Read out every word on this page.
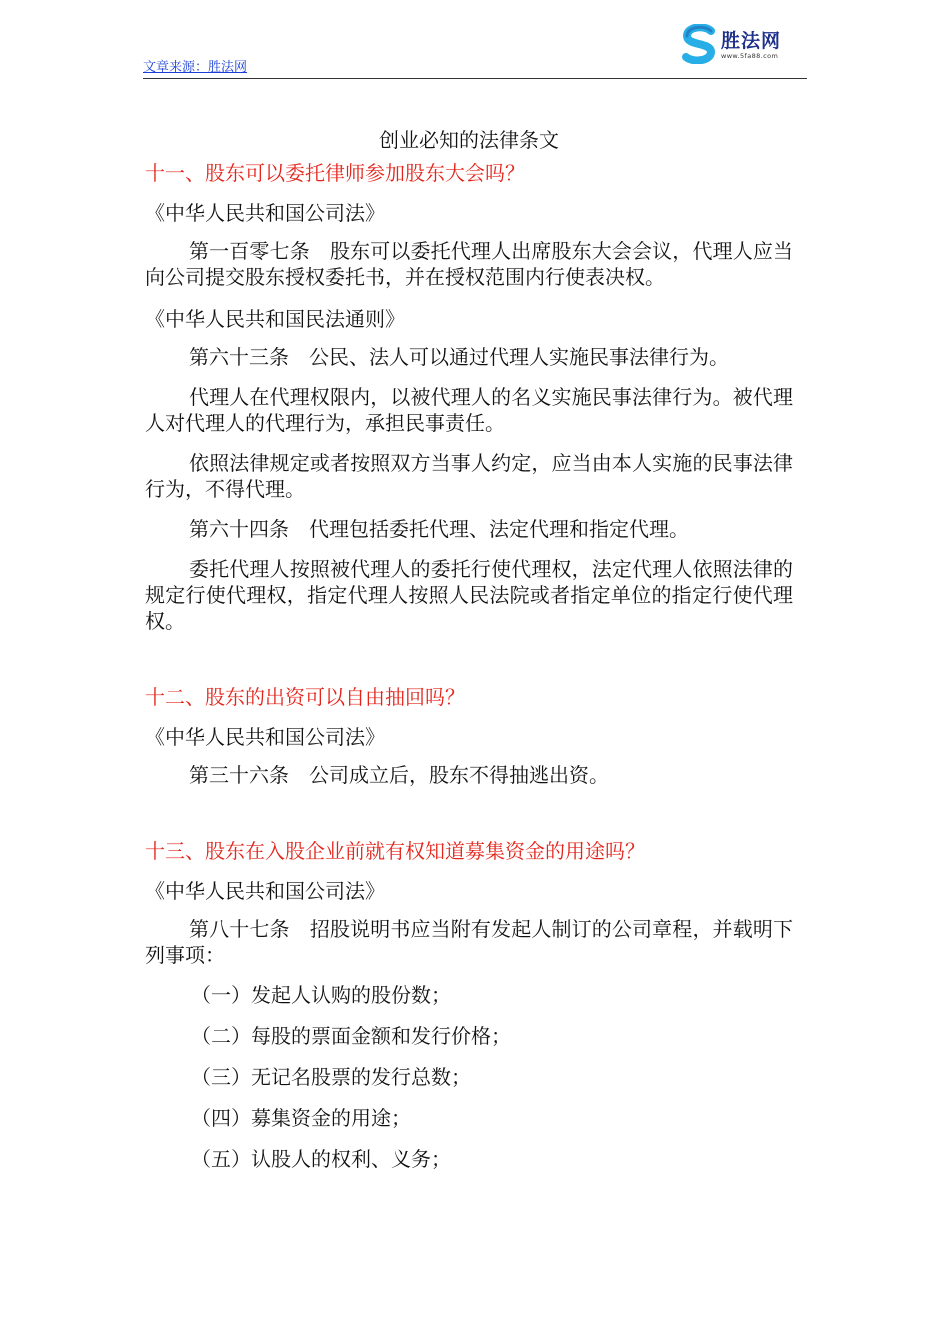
文章来源：胜法网
胜法网
www.5fa88.com
创业必知的法律条文

十一、股东可以委托律师参加股东大会吗？

《中华人民共和国公司法》

第一百零七条　股东可以委托代理人出席股东大会会议，代理人应当向公司提交股东授权委托书，并在授权范围内行使表决权。

《中华人民共和国民法通则》

第六十三条　公民、法人可以通过代理人实施民事法律行为。

代理人在代理权限内，以被代理人的名义实施民事法律行为。被代理人对代理人的代理行为，承担民事责任。

依照法律规定或者按照双方当事人约定，应当由本人实施的民事法律行为，不得代理。

第六十四条　代理包括委托代理、法定代理和指定代理。

委托代理人按照被代理人的委托行使代理权，法定代理人依照法律的规定行使代理权，指定代理人按照人民法院或者指定单位的指定行使代理权。

十二、股东的出资可以自由抽回吗？

《中华人民共和国公司法》

第三十六条　公司成立后，股东不得抽逃出资。

十三、股东在入股企业前就有权知道募集资金的用途吗？

《中华人民共和国公司法》

第八十七条　招股说明书应当附有发起人制订的公司章程，并载明下列事项：

（一）发起人认购的股份数；

（二）每股的票面金额和发行价格；

（三）无记名股票的发行总数；

（四）募集资金的用途；

（五）认股人的权利、义务；
